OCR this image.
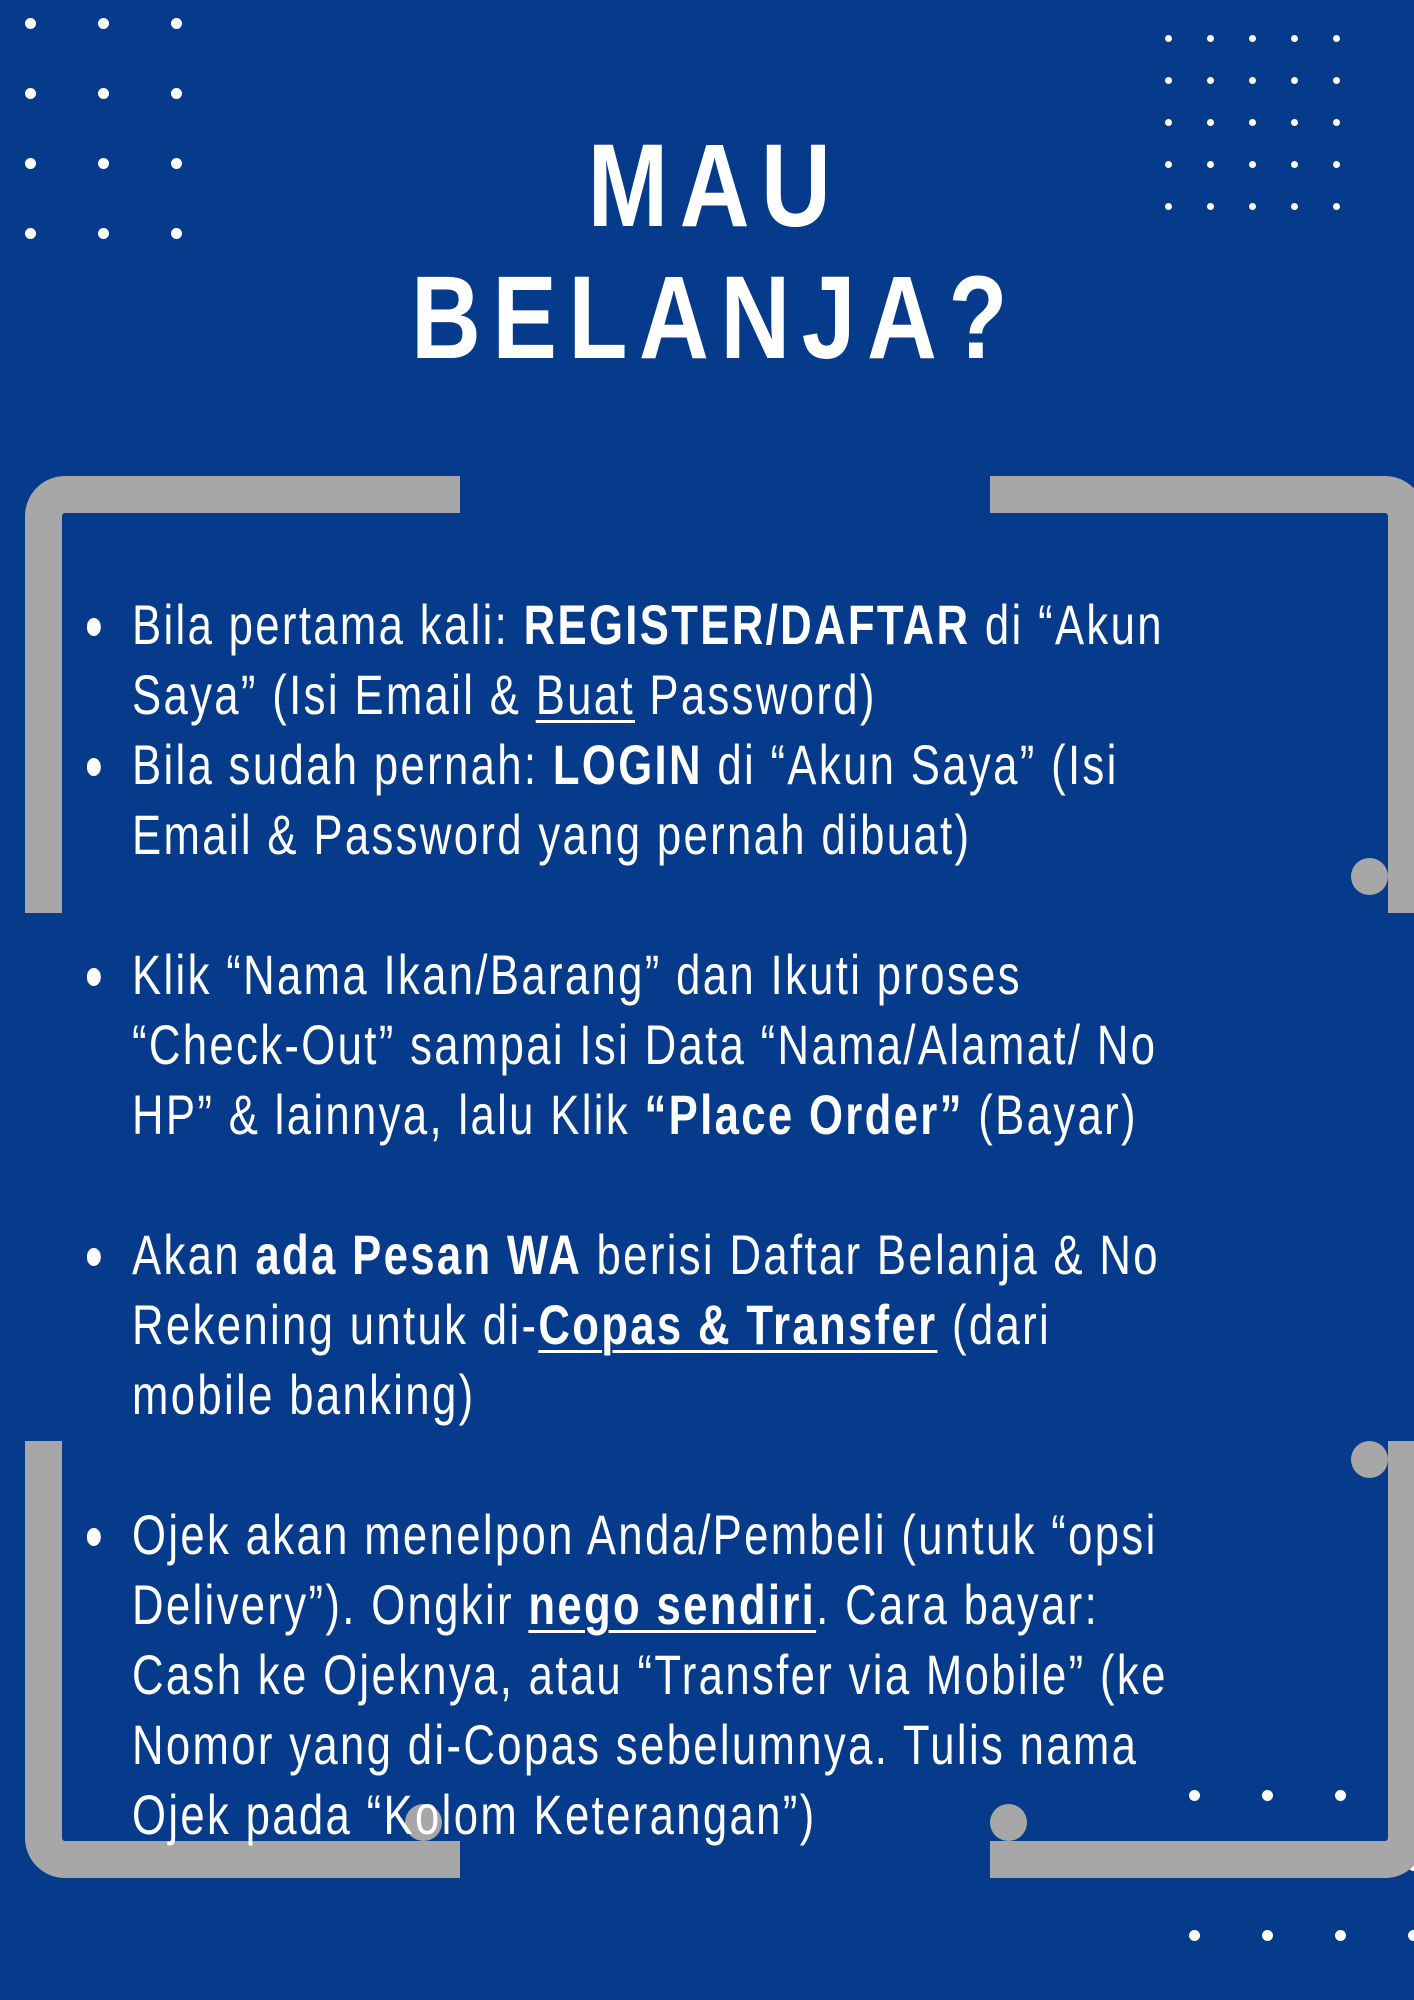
MAU
BELANJA?
Bila pertama kali: REGISTER/DAFTAR di “Akun Saya” (Isi Email & Buat Password)
Bila sudah pernah: LOGIN di “Akun Saya” (Isi Email & Password yang pernah dibuat)
Klik “Nama Ikan/Barang” dan Ikuti proses “Check-Out” sampai Isi Data “Nama/Alamat/ No HP” & lainnya, lalu Klik “Place Order” (Bayar)
Akan ada Pesan WA berisi Daftar Belanja & No Rekening untuk di-Copas & Transfer (dari mobile banking)
Ojek akan menelpon Anda/Pembeli (untuk “opsi Delivery”). Ongkir nego sendiri. Cara bayar: Cash ke Ojeknya, atau “Transfer via Mobile” (ke Nomor yang di-Copas sebelumnya. Tulis nama Ojek pada “Kolom Keterangan”)
